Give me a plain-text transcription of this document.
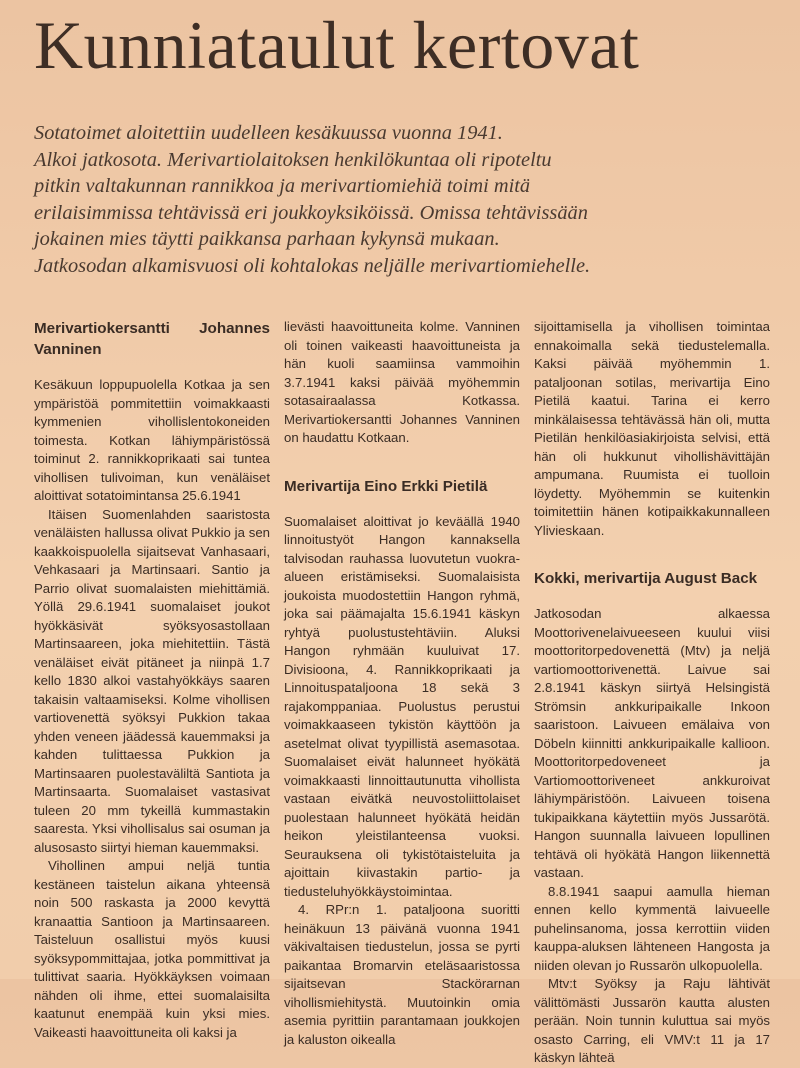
Kunniataulut kertovat
Sotatoimet aloitettiin uudelleen kesäkuussa vuonna 1941.
Alkoi jatkosota. Merivartiolaitoksen henkilökuntaa oli ripoteltu
pitkin valtakunnan rannikkoa ja merivartiomiehiä toimi mitä
erilaisimmissa tehtävissä eri joukkoyksiköissä. Omissa tehtävissään
jokainen mies täytti paikkansa parhaan kykynsä mukaan.
Jatkosodan alkamisvuosi oli kohtalokas neljälle merivartiomiehelle.
Merivartiokersantti Johannes Vanninen

Kesäkuun loppupuolella Kotkaa ja sen ympäristöä pommitettiin voimakkaasti kymmenien vihollislentokoneiden toimesta. Kotkan lähiympäristössä toiminut 2. rannikkoprikaati sai tuntea vihollisen tulivoiman, kun venäläiset aloittivat sotatoimintansa 25.6.1941

Itäisen Suomenlahden saaristosta venäläisten hallussa olivat Pukkio ja sen kaakkoispuolella sijaitsevat Vanhasaari, Vehkasaari ja Martinsaari. Santio ja Parrio olivat suomalaisten miehittämiä. Yöllä 29.6.1941 suomalaiset joukot hyökkäsivät syöksyosastollaan Martinsaareen, joka miehitettiin. Tästä venäläiset eivät pitäneet ja niinpä 1.7 kello 1830 alkoi vastahyökkäys saaren takaisin valtaamiseksi. Kolme vihollisen vartiovenettä syöksyi Pukkion takaa yhden veneen jäädessä kauemmaksi ja kahden tulittaessa Pukkion ja Martinsaaren puolestaväliltä Santiota ja Martinsaarta. Suomalaiset vastasivat tuleen 20 mm tykeillä kummastakin saaresta. Yksi vihollisalus sai osuman ja alusosasto siirtyi hieman kauemmaksi.

Vihollinen ampui neljä tuntia kestäneen taistelun aikana yhteensä noin 500 raskasta ja 2000 kevyttä kranaattia Santioon ja Martinsaareen. Taisteluun osallistui myös kuusi syöksypommittajaa, jotka pommittivat ja tulittivat saaria. Hyökkäyksen voimaan nähden oli ihme, ettei suomalaisilta kaatunut enempää kuin yksi mies. Vaikeasti haavoittuneita oli kaksi ja

lievästi haavoittuneita kolme. Vanninen oli toinen vaikeasti haavoittuneista ja hän kuoli saamiinsa vammoihin 3.7.1941 kaksi päivää myöhemmin sotasairaalassa Kotkassa. Merivartiokersantti Johannes Vanninen on haudattu Kotkaan.

Merivartija Eino Erkki Pietilä

Suomalaiset aloittivat jo keväällä 1940 linnoitustyöt Hangon kannaksella talvisodan rauhassa luovutetun vuokra-alueen eristämiseksi. Suomalaisista joukoista muodostettiin Hangon ryhmä, joka sai päämajalta 15.6.1941 käskyn ryhtyä puolustustehtäviin. Aluksi Hangon ryhmään kuuluivat 17. Divisioona, 4. Rannikkoprikaati ja Linnoituspataljoona 18 sekä 3 rajakomppaniaa. Puolustus perustui voimakkaaseen tykistön käyttöön ja asetelmat olivat tyypillistä asemasotaa. Suomalaiset eivät halunneet hyökätä voimakkaasti linnoittautunutta vihollista vastaan eivätkä neuvostoliittolaiset puolestaan halunneet hyökätä heidän heikon yleistilanteensa vuoksi. Seurauksena oli tykistötaisteluita ja ajoittain kiivastakin partio- ja tiedusteluhyökkäystoimintaa.

4. RPr:n 1. pataljoona suoritti heinäkuun 13 päivänä vuonna 1941 väkivaltaisen tiedustelun, jossa se pyrti paikantaa Bromarvin eteläsaaristossa sijaitsevan Stackörarnan vihollismiehitystä. Muutoinkin omia asemia pyrittiin parantamaan joukkojen ja kaluston oikealla

sijoittamisella ja vihollisen toimintaa ennakoimalla sekä tiedustelemalla. Kaksi päivää myöhemmin 1. pataljoonan sotilas, merivartija Eino Pietilä kaatui. Tarina ei kerro minkälaisessa tehtävässä hän oli, mutta Pietilän henkilöasiakirjoista selvisi, että hän oli hukkunut vihollishävittäjän ampumana. Ruumista ei tuolloin löydetty. Myöhemmin se kuitenkin toimitettiin hänen kotipaikkakunnalleen Ylivieskaan.

Kokki, merivartija August Back

Jatkosodan alkaessa Moottorivenelaivueeseen kuului viisi moottoritorpedovenettä (Mtv) ja neljä vartiomoottorivenettä. Laivue sai 2.8.1941 käskyn siirtyä Helsingistä Strömsin ankkuripaikalle Inkoon saaristoon. Laivueen emälaiva von Döbeln kiinnitti ankkuripaikalle kallioon. Moottoritorpedoveneet ja Vartiomoottoriveneet ankkuroivat lähiympäristöön. Laivueen toisena tukipaikkana käytettiin myös Jussarötä. Hangon suunnalla laivueen lopullinen tehtävä oli hyökätä Hangon liikennettä vastaan.

8.8.1941 saapui aamulla hieman ennen kello kymmentä laivueelle puhelinsanoma, jossa kerrottiin viiden kauppa-aluksen lähteneen Hangosta ja niiden olevan jo Russarön ulkopuolella.

Mtv:t Syöksy ja Raju lähtivät välittömästi Jussarön kautta alusten perään. Noin tunnin kuluttua sai myös osasto Carring, eli VMV:t 11 ja 17 käskyn lähteä
